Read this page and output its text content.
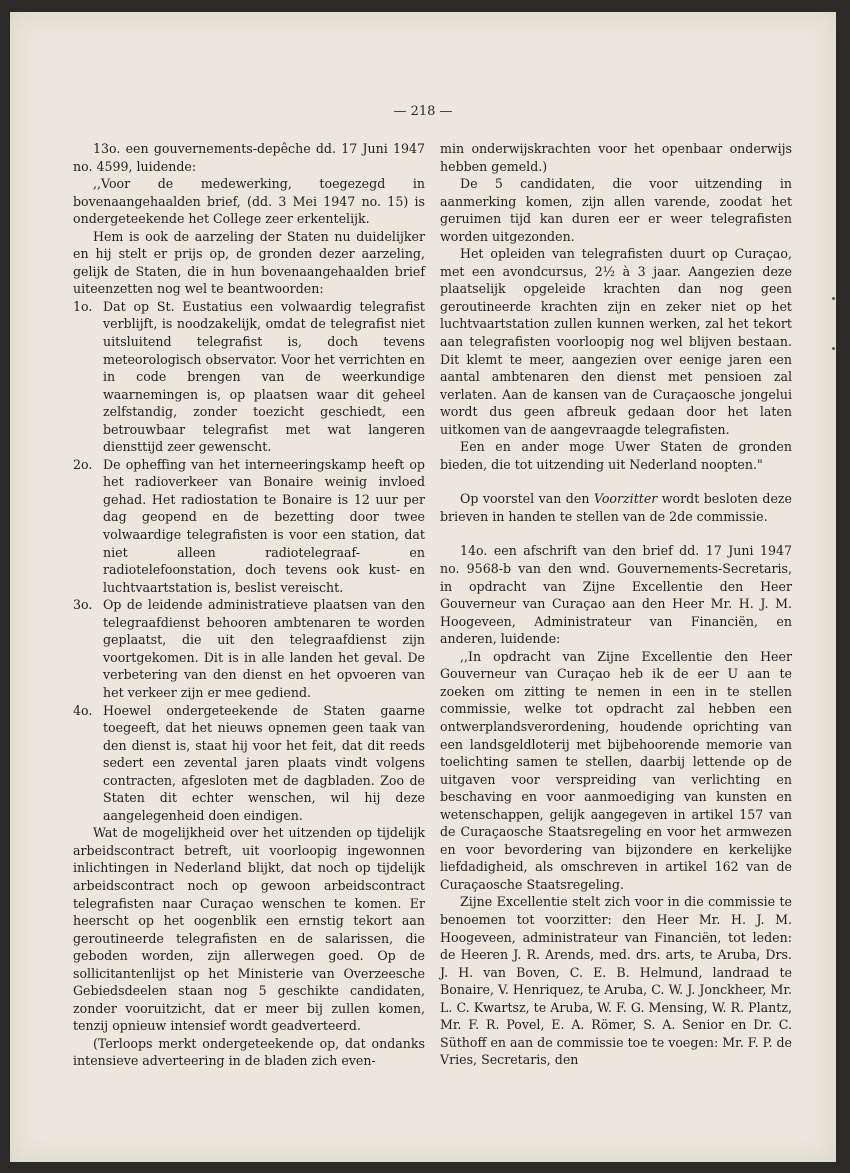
— 218 —

13o. een gouvernements-depêche dd. 17 Juni 1947 no. 4599, luidende:

,,Voor de medewerking, toegezegd in bovenaangehaalden brief, (dd. 3 Mei 1947 no. 15) is ondergeteekende het College zeer erkentelijk.

Hem is ook de aarzeling der Staten nu duidelijker en hij stelt er prijs op, de gronden dezer aarzeling, gelijk de Staten, die in hun bovenaangehaalden brief uiteenzetten nog wel te beantwoorden:

1o. Dat op St. Eustatius een volwaardig telegrafist verblijft, is noodzakelijk, omdat de telegrafist niet uitsluitend telegrafist is, doch tevens meteorologisch observator. Voor het verrichten en in code brengen van de weerkundige waarnemingen is, op plaatsen waar dit geheel zelfstandig, zonder toezicht geschiedt, een betrouwbaar telegrafist met wat langeren diensttijd zeer gewenscht.

2o. De opheffing van het interneeringskamp heeft op het radioverkeer van Bonaire weinig invloed gehad. Het radiostation te Bonaire is 12 uur per dag geopend en de bezetting door twee volwaardige telegrafisten is voor een station, dat niet alleen radiotelegraaf- en radiotelefoonstation, doch tevens ook kust- en luchtvaartstation is, beslist vereischt.

3o. Op de leidende administratieve plaatsen van den telegraafdienst behooren ambtenaren te worden geplaatst, die uit den telegraafdienst zijn voortgekomen. Dit is in alle landen het geval. De verbetering van den dienst en het opvoeren van het verkeer zijn er mee gediend.

4o. Hoewel ondergeteekende de Staten gaarne toegeeft, dat het nieuws opnemen geen taak van den dienst is, staat hij voor het feit, dat dit reeds sedert een zevental jaren plaats vindt volgens contracten, afgesloten met de dagbladen. Zoo de Staten dit echter wenschen, wil hij deze aangelegenheid doen eindigen.

Wat de mogelijkheid over het uitzenden op tijdelijk arbeidscontract betreft, uit voorloopig ingewonnen inlichtingen in Nederland blijkt, dat noch op tijdelijk arbeidscontract noch op gewoon arbeidscontract telegrafisten naar Curaçao wenschen te komen. Er heerscht op het oogenblik een ernstig tekort aan geroutineerde telegrafisten en de salarissen, die geboden worden, zijn allerwegen goed. Op de sollicitantenlijst op het Ministerie van Overzeesche Gebiedsdeelen staan nog 5 geschikte candidaten, zonder vooruitzicht, dat er meer bij zullen komen, tenzij opnieuw intensief wordt geadverteerd.

(Terloops merkt ondergeteekende op, dat ondanks intensieve adverteering in de bladen zich even-

min onderwijskrachten voor het openbaar onderwijs hebben gemeld.)

De 5 candidaten, die voor uitzending in aanmerking komen, zijn allen varende, zoodat het geruimen tijd kan duren eer er weer telegrafisten worden uitgezonden.

Het opleiden van telegrafisten duurt op Curaçao, met een avondcursus, 2½ à 3 jaar. Aangezien deze plaatselijk opgeleide krachten dan nog geen geroutineerde krachten zijn en zeker niet op het luchtvaartstation zullen kunnen werken, zal het tekort aan telegrafisten voorloopig nog wel blijven bestaan. Dit klemt te meer, aangezien over eenige jaren een aantal ambtenaren den dienst met pensioen zal verlaten. Aan de kansen van de Curaçaosche jongelui wordt dus geen afbreuk gedaan door het laten uitkomen van de aangevraagde telegrafisten.

Een en ander moge Uwer Staten de gronden bieden, die tot uitzending uit Nederland noopten."

Op voorstel van den Voorzitter wordt besloten deze brieven in handen te stellen van de 2de commissie.

14o. een afschrift van den brief dd. 17 Juni 1947 no. 9568-b van den wnd. Gouvernements-Secretaris, in opdracht van Zijne Excellentie den Heer Gouverneur van Curaçao aan den Heer Mr. H. J. M. Hoogeveen, Administrateur van Financiën, en anderen, luidende:

,,In opdracht van Zijne Excellentie den Heer Gouverneur van Curaçao heb ik de eer U aan te zoeken om zitting te nemen in een in te stellen commissie, welke tot opdracht zal hebben een ontwerplandsverordening, houdende oprichting van een landsgeldloterij met bijbehoorende memorie van toelichting samen te stellen, daarbij lettende op de uitgaven voor verspreiding van verlichting en beschaving en voor aanmoediging van kunsten en wetenschappen, gelijk aangegeven in artikel 157 van de Curaçaosche Staatsregeling en voor het armwezen en voor bevordering van bijzondere en kerkelijke liefdadigheid, als omschreven in artikel 162 van de Curaçaosche Staatsregeling.

Zijne Excellentie stelt zich voor in die commissie te benoemen tot voorzitter: den Heer Mr. H. J. M. Hoogeveen, administrateur van Financiën, tot leden: de Heeren J. R. Arends, med. drs. arts, te Aruba, Drs. J. H. van Boven, C. E. B. Helmund, landraad te Bonaire, V. Henriquez, te Aruba, C. W. J. Jonckheer, Mr. L. C. Kwartsz, te Aruba, W. F. G. Mensing, W. R. Plantz, Mr. F. R. Povel, E. A. Römer, S. A. Senior en Dr. C. Süthoff en aan de commissie toe te voegen: Mr. F. P. de Vries, Secretaris, den
